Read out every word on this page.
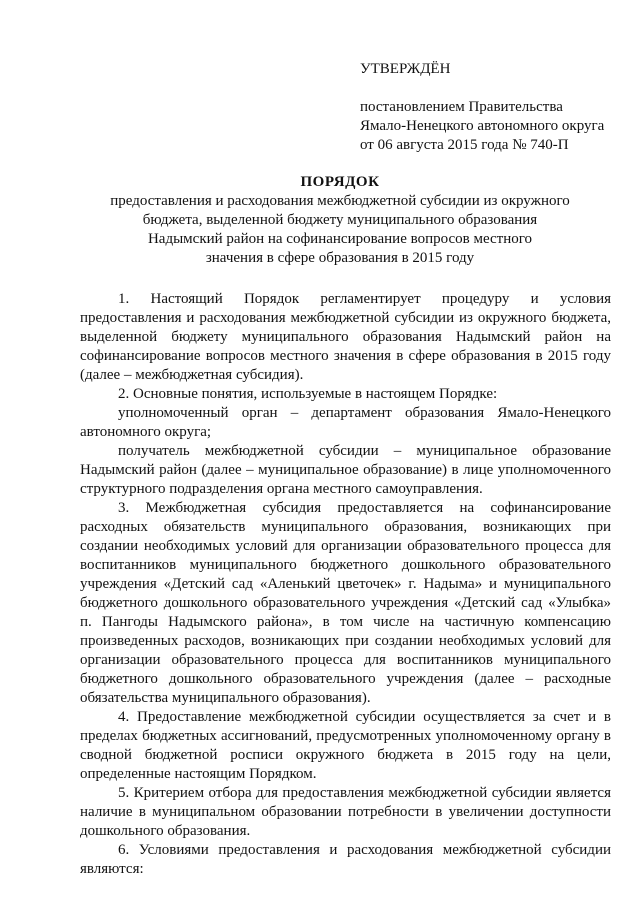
УТВЕРЖДЁН
постановлением Правительства
Ямало-Ненецкого автономного округа
от 06 августа 2015 года № 740-П
ПОРЯДОК
предоставления и расходования межбюджетной субсидии из окружного
бюджета, выделенной бюджету муниципального образования
Надымский район на софинансирование вопросов местного
значения в сфере образования в 2015 году

1. Настоящий Порядок регламентирует процедуру и условия предоставления и расходования межбюджетной субсидии из окружного бюджета, выделенной бюджету муниципального образования Надымский район на софинансирование вопросов местного значения в сфере образования в 2015 году (далее – межбюджетная субсидия).

2. Основные понятия, используемые в настоящем Порядке:

уполномоченный орган – департамент образования Ямало-Ненецкого автономного округа;

получатель межбюджетной субсидии – муниципальное образование Надымский район (далее – муниципальное образование) в лице уполномоченного структурного подразделения органа местного самоуправления.

3. Межбюджетная субсидия предоставляется на софинансирование расходных обязательств муниципального образования, возникающих при создании необходимых условий для организации образовательного процесса для воспитанников муниципального бюджетного дошкольного образовательного учреждения «Детский сад «Аленький цветочек» г. Надыма» и муниципального бюджетного дошкольного образовательного учреждения «Детский сад «Улыбка» п. Пангоды Надымского района», в том числе на частичную компенсацию произведенных расходов, возникающих при создании необходимых условий для организации образовательного процесса для воспитанников муниципального бюджетного дошкольного образовательного учреждения (далее – расходные обязательства муниципального образования).

4. Предоставление межбюджетной субсидии осуществляется за счет и в пределах бюджетных ассигнований, предусмотренных уполномоченному органу в сводной бюджетной росписи окружного бюджета в 2015 году на цели, определенные настоящим Порядком.

5. Критерием отбора для предоставления межбюджетной субсидии является наличие в муниципальном образовании потребности в увеличении доступности дошкольного образования.

6. Условиями предоставления и расходования межбюджетной субсидии являются:
